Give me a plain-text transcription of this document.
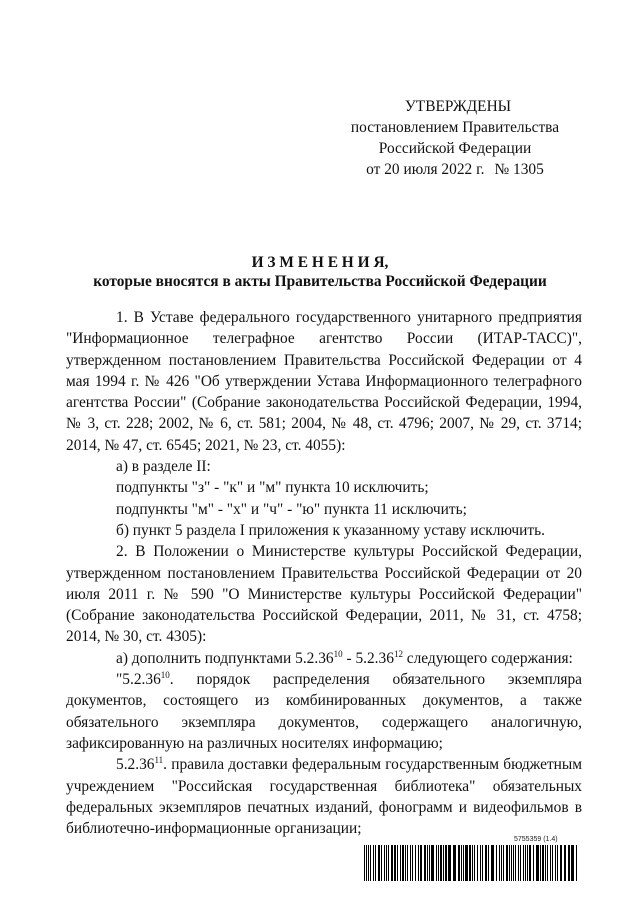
УТВЕРЖДЕНЫ
постановлением Правительства
Российской Федерации
от 20 июля 2022 г. № 1305
И З М Е Н Е Н И Я,
которые вносятся в акты Правительства Российской Федерации

1. В Уставе федерального государственного унитарного предприятия "Информационное телеграфное агентство России (ИТАР-ТАСС)", утвержденном постановлением Правительства Российской Федерации от 4 мая 1994 г. № 426 "Об утверждении Устава Информационного телеграфного агентства России" (Собрание законодательства Российской Федерации, 1994, № 3, ст. 228; 2002, № 6, ст. 581; 2004, № 48, ст. 4796; 2007, № 29, ст. 3714; 2014, № 47, ст. 6545; 2021, № 23, ст. 4055):

а) в разделе II:

подпункты "з" - "к" и "м" пункта 10 исключить;

подпункты "м" - "х" и "ч" - "ю" пункта 11 исключить;

б) пункт 5 раздела I приложения к указанному уставу исключить.

2. В Положении о Министерстве культуры Российской Федерации, утвержденном постановлением Правительства Российской Федерации от 20 июля 2011 г. № 590 "О Министерстве культуры Российской Федерации" (Собрание законодательства Российской Федерации, 2011, № 31, ст. 4758; 2014, № 30, ст. 4305):

а) дополнить подпунктами 5.2.36$^{10}$ - 5.2.36$^{12}$ следующего содержания:

"5.2.36$^{10}$. порядок распределения обязательного экземпляра документов, состоящего из комбинированных документов, а также обязательного экземпляра документов, содержащего аналогичную, зафиксированную на различных носителях информацию;

5.2.36$^{11}$. правила доставки федеральным государственным бюджетным учреждением "Российская государственная библиотека" обязательных федеральных экземпляров печатных изданий, фонограмм и видеофильмов в библиотечно-информационные организации;

5755359 (1.4)
